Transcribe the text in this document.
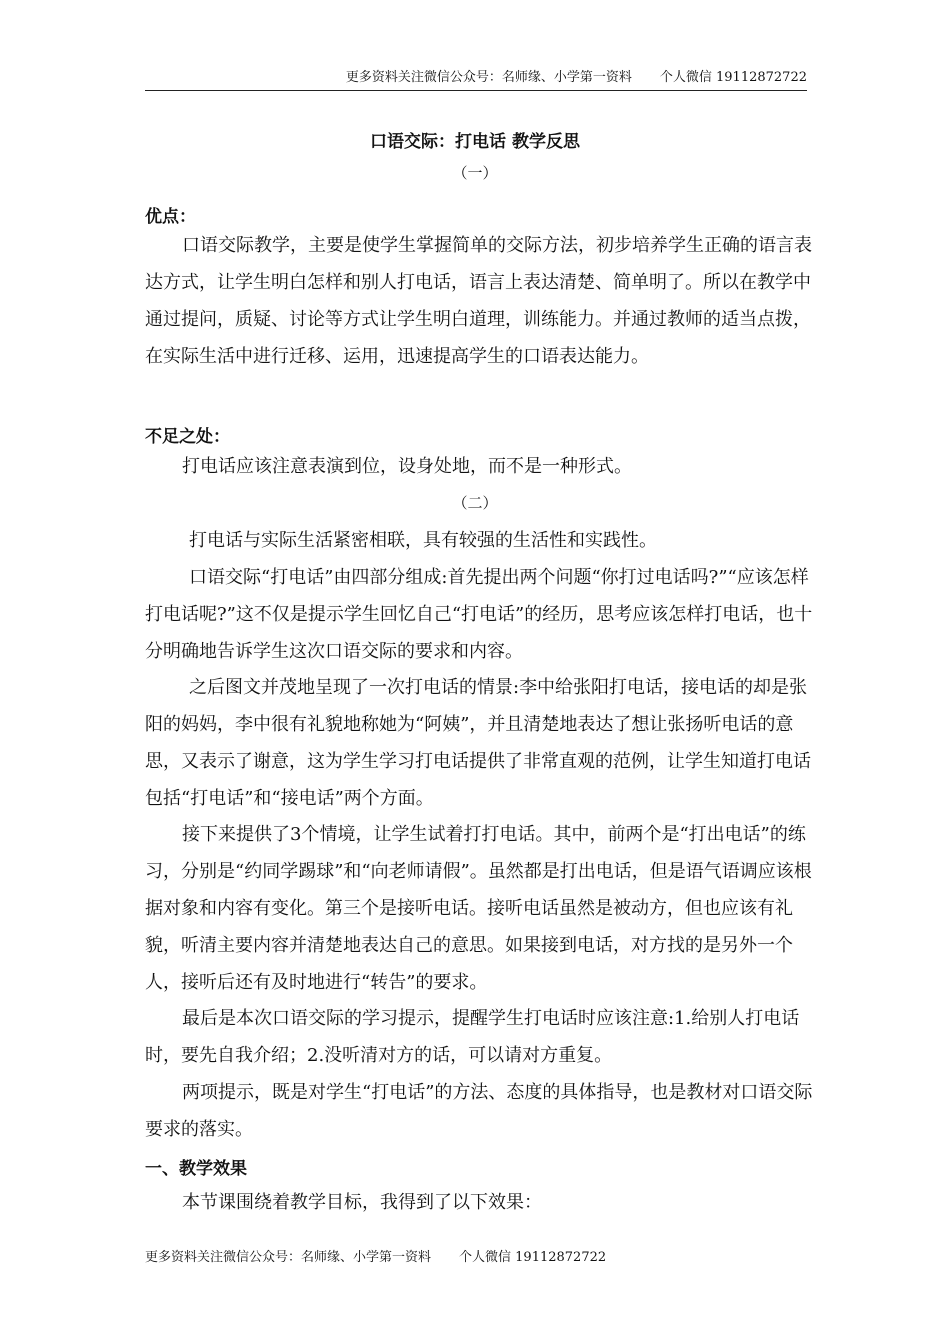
更多资料关注微信公众号：名师缘、小学第一资料 个人微信 19112872722
口语交际：打电话 教学反思
（一）
优点：
口语交际教学，主要是使学生掌握简单的交际方法，初步培养学生正确的语言表达方式，让学生明白怎样和别人打电话，语言上表达清楚、简单明了。所以在教学中通过提问，质疑、讨论等方式让学生明白道理，训练能力。并通过教师的适当点拨，在实际生活中进行迁移、运用，迅速提高学生的口语表达能力。
不足之处：
打电话应该注意表演到位，设身处地，而不是一种形式。
（二）
打电话与实际生活紧密相联，具有较强的生活性和实践性。
口语交际“打电话”由四部分组成:首先提出两个问题“你打过电话吗?”“应该怎样打电话呢?”这不仅是提示学生回忆自己“打电话”的经历，思考应该怎样打电话，也十分明确地告诉学生这次口语交际的要求和内容。
之后图文并茂地呈现了一次打电话的情景:李中给张阳打电话，接电话的却是张阳的妈妈，李中很有礼貌地称她为“阿姨”，并且清楚地表达了想让张扬听电话的意思，又表示了谢意，这为学生学习打电话提供了非常直观的范例，让学生知道打电话包括“打电话”和“接电话”两个方面。
接下来提供了3个情境，让学生试着打打电话。其中，前两个是“打出电话”的练习，分别是“约同学踢球”和“向老师请假”。虽然都是打出电话，但是语气语调应该根据对象和内容有变化。第三个是接听电话。接听电话虽然是被动方，但也应该有礼貌，听清主要内容并清楚地表达自己的意思。如果接到电话，对方找的是另外一个人，接听后还有及时地进行“转告”的要求。
最后是本次口语交际的学习提示，提醒学生打电话时应该注意:1.给别人打电话时，要先自我介绍；2.没听清对方的话，可以请对方重复。
两项提示，既是对学生“打电话”的方法、态度的具体指导，也是教材对口语交际要求的落实。
一、教学效果
本节课围绕着教学目标，我得到了以下效果：
更多资料关注微信公众号：名师缘、小学第一资料 个人微信 19112872722
